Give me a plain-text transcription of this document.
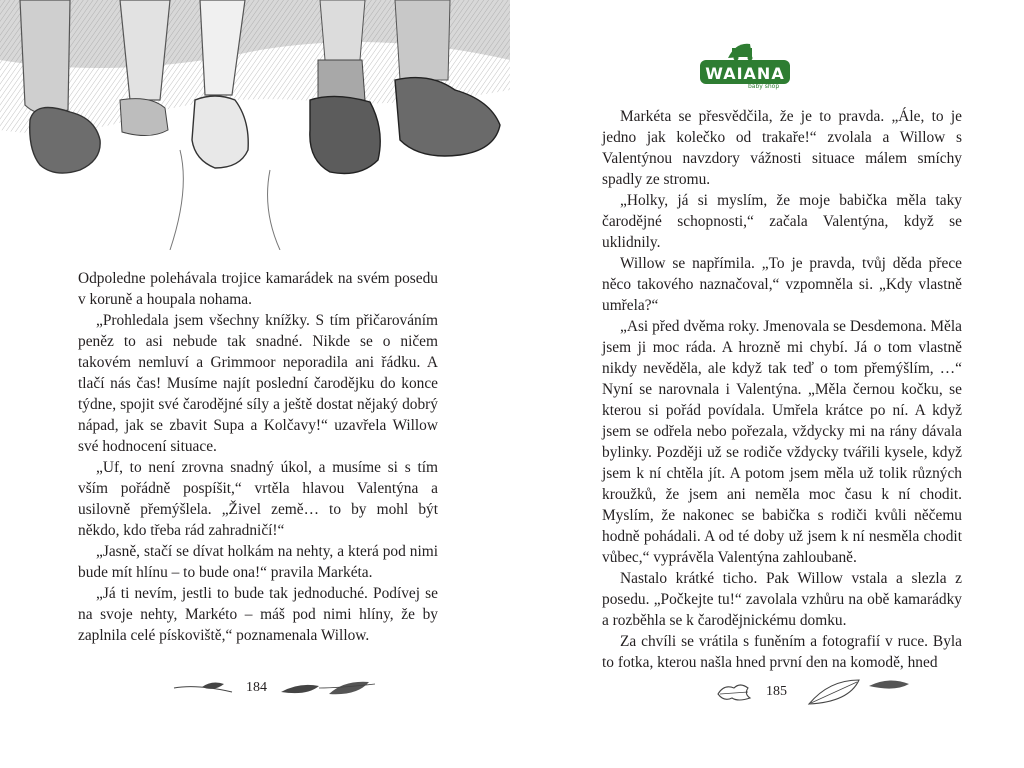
Odpoledne polehávala trojice kamarádek na svém posedu v koruně a houpala nohama.

„Prohledala jsem všechny knížky. S tím přičarováním peněz to asi nebude tak snadné. Nikde se o ničem takovém nemluví a Grimmoor neporadila ani řádku. A tlačí nás čas! Musíme najít poslední čarodějku do konce týdne, spojit své čarodějné síly a ještě dostat nějaký dobrý nápad, jak se zbavit Supa a Kolčavy!“ uzavřela Willow své hodnocení situace.

„Uf, to není zrovna snadný úkol, a musíme si s tím vším pořádně pospíšit,“ vrtěla hlavou Valentýna a usilovně přemýšlela. „Živel země… to by mohl být někdo, kdo třeba rád zahradničí!“

„Jasně, stačí se dívat holkám na nehty, a která pod nimi bude mít hlínu – to bude ona!“ pravila Markéta.

„Já ti nevím, jestli to bude tak jednoduché. Podívej se na svoje nehty, Markéto – máš pod nimi hlíny, že by zaplnila celé pískoviště,“ poznamenala Willow.

184
WAIANA
baby shop

Markéta se přesvědčila, že je to pravda. „Ále, to je jedno jak kolečko od trakaře!“ zvolala a Willow s Valentýnou navzdory vážnosti situace málem smíchy spadly ze stromu.

„Holky, já si myslím, že moje babička měla taky čarodějné schopnosti,“ začala Valentýna, když se uklidnily.

Willow se napřímila. „To je pravda, tvůj děda přece něco takového naznačoval,“ vzpomněla si. „Kdy vlastně umřela?“

„Asi před dvěma roky. Jmenovala se Desdemona. Měla jsem ji moc ráda. A hrozně mi chybí. Já o tom vlastně nikdy nevěděla, ale když tak teď o tom přemýšlím, …“ Nyní se narovnala i Valentýna. „Měla černou kočku, se kterou si pořád povídala. Umřela krátce po ní. A když jsem se odřela nebo pořezala, vždycky mi na rány dávala bylinky. Později už se rodiče vždycky tvářili kysele, když jsem k ní chtěla jít. A potom jsem měla už tolik různých kroužků, že jsem ani neměla moc času k ní chodit. Myslím, že nakonec se babička s rodiči kvůli něčemu hodně pohádali. A od té doby už jsem k ní nesměla chodit vůbec,“ vyprávěla Valentýna zahloubaně.

Nastalo krátké ticho. Pak Willow vstala a slezla z posedu. „Počkejte tu!“ zavolala vzhůru na obě kamarádky a rozběhla se k čarodějnickému domku.

Za chvíli se vrátila s funěním a fotografií v ruce. Byla to fotka, kterou našla hned první den na komodě, hned

185
